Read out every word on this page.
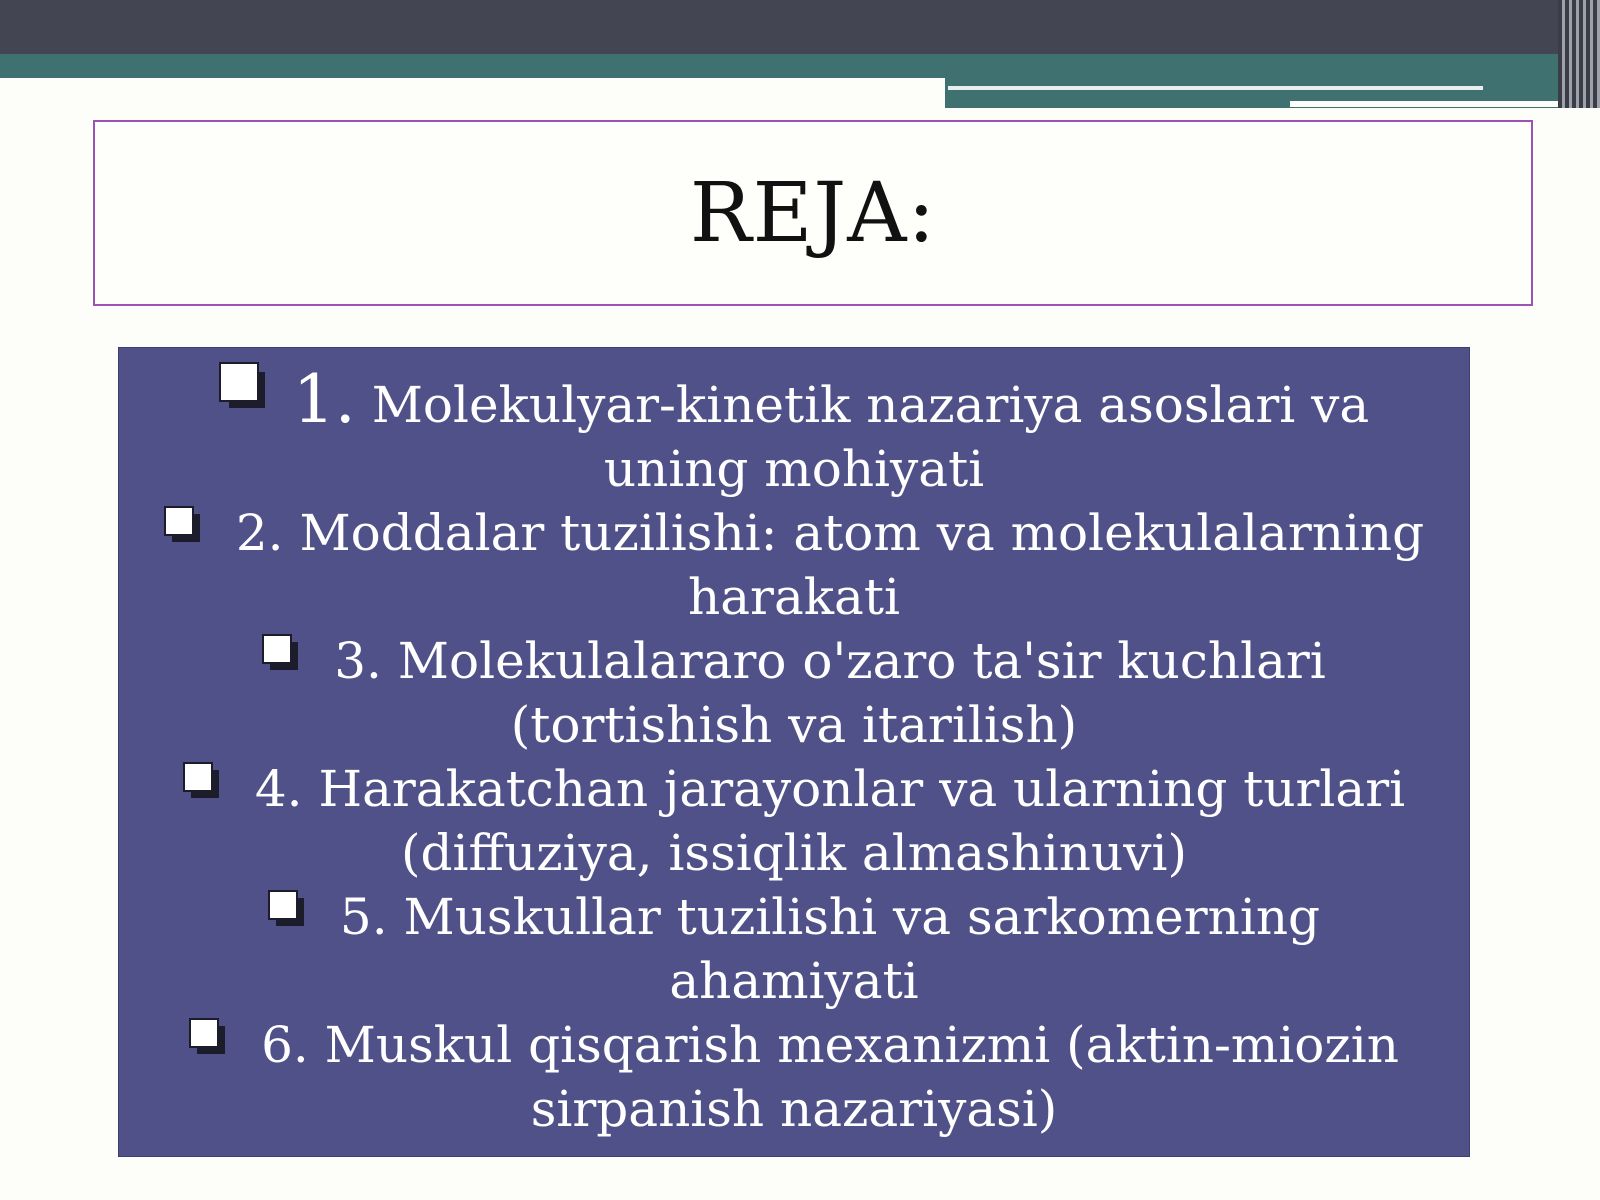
REJA:
1. Molekulyar-kinetik nazariya asoslari va uning mohiyati
2. Moddalar tuzilishi: atom va molekulalarning harakati
3. Molekulalararo o'zaro ta'sir kuchlari (tortishish va itarilish)
4. Harakatchan jarayonlar va ularning turlari (diffuziya, issiqlik almashinuvi)
5. Muskullar tuzilishi va sarkomerning ahamiyati
6. Muskul qisqarish mexanizmi (aktin-miozin sirpanish nazariyasi)
